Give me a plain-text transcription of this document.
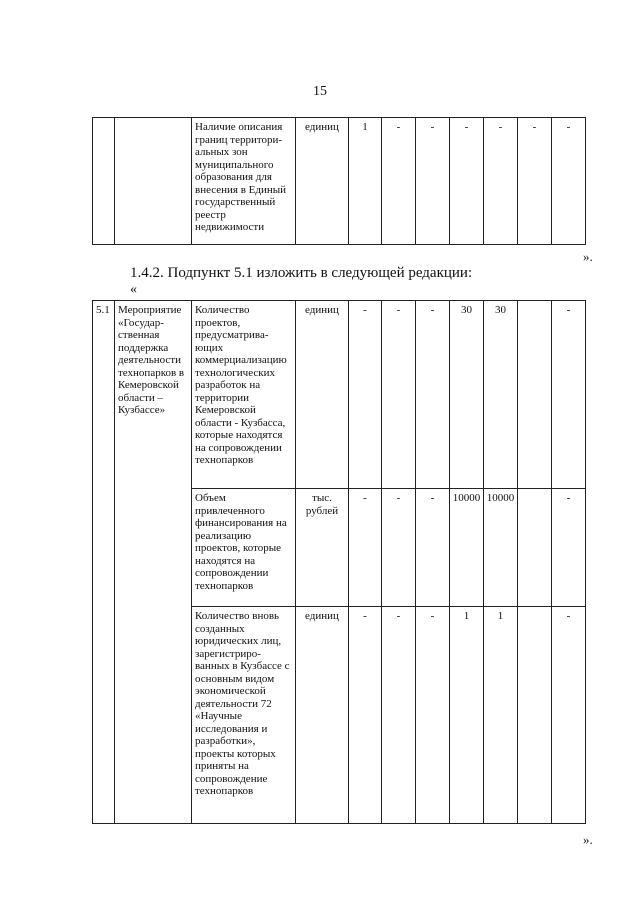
15
		Наличие описания границ территори-альных зон муниципального образования для внесения в Единый государственный реестр недвижимости	единиц	1	-	-	-	-	-	-
».
1.4.2. Подпункт 5.1 изложить в следующей редакции:
«
5.1	Мероприятие «Государ-ственная поддержка деятельности технопарков в Кемеровской области – Кузбассе»	Количество проектов, предусматрива-ющих коммерциализацию технологических разработок на территории Кемеровской области - Кузбасса, которые находятся на сопровождении технопарков	единиц	-	-	-	30	30		-
		Объем привлеченного финансирования на реализацию проектов, которые находятся на сопровождении технопарков	тыс. рублей	-	-	-	10000	10000		-
		Количество вновь созданных юридических лиц, зарегистриро-ванных в Кузбассе с основным видом экономической деятельности 72 «Научные исследования и разработки», проекты которых приняты на сопровождение технопарков	единиц	-	-	-	1	1		-
».
